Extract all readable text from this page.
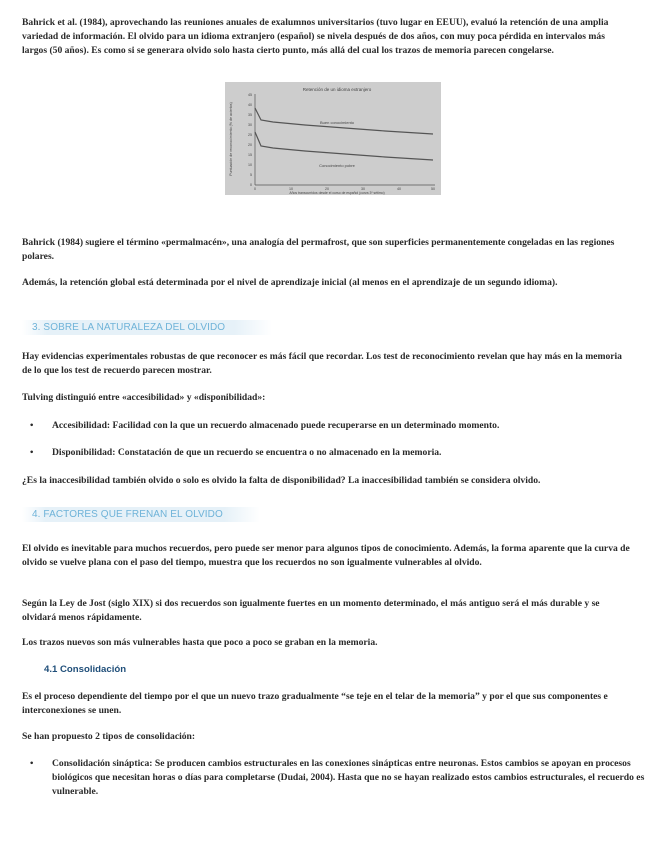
Bahrick et al. (1984), aprovechando las reuniones anuales de exalumnos universitarios (tuvo lugar en EEUU), evaluó la retención de una amplia variedad de información. El olvido para un idioma extranjero (español) se nivela después de dos años, con muy poca pérdida en intervalos más largos (50 años). Es como si se generara olvido solo hasta cierto punto, más allá del cual los trazos de memoria parecen congelarse.

Retención de un idioma extranjero
Puntuación de reconocimiento (% de aciertos)
45
40
35
30
25
20
15
10
5
0
0	10	20	30	40	50
Años transcurridos desde el curso de español (curva 3º sétimo)
Buen conocimiento
Conocimiento pobre

Bahrick (1984) sugiere el término «permalmacén», una analogía del permafrost, que son superficies permanentemente congeladas en las regiones polares.

Además, la retención global está determinada por el nivel de aprendizaje inicial (al menos en el aprendizaje de un segundo idioma).

3. SOBRE LA NATURALEZA DEL OLVIDO

Hay evidencias experimentales robustas de que reconocer es más fácil que recordar. Los test de reconocimiento revelan que hay más en la memoria de lo que los test de recuerdo parecen mostrar.

Tulving distinguió entre «accesibilidad» y «disponibilidad»:

• Accesibilidad: Facilidad con la que un recuerdo almacenado puede recuperarse en un determinado momento.
• Disponibilidad: Constatación de que un recuerdo se encuentra o no almacenado en la memoria.

¿Es la inaccesibilidad también olvido o solo es olvido la falta de disponibilidad? La inaccesibilidad también se considera olvido.

4. FACTORES QUE FRENAN EL OLVIDO

El olvido es inevitable para muchos recuerdos, pero puede ser menor para algunos tipos de conocimiento. Además, la forma aparente que la curva de olvido se vuelve plana con el paso del tiempo, muestra que los recuerdos no son igualmente vulnerables al olvido.

Según la Ley de Jost (siglo XIX) si dos recuerdos son igualmente fuertes en un momento determinado, el más antiguo será el más durable y se olvidará menos rápidamente.

Los trazos nuevos son más vulnerables hasta que poco a poco se graban en la memoria.

4.1 Consolidación

Es el proceso dependiente del tiempo por el que un nuevo trazo gradualmente “se teje en el telar de la memoria” y por el que sus componentes e interconexiones se unen.

Se han propuesto 2 tipos de consolidación:

• Consolidación sináptica: Se producen cambios estructurales en las conexiones sinápticas entre neuronas. Estos cambios se apoyan en procesos biológicos que necesitan horas o días para completarse (Dudai, 2004). Hasta que no se hayan realizado estos cambios estructurales, el recuerdo es vulnerable.
